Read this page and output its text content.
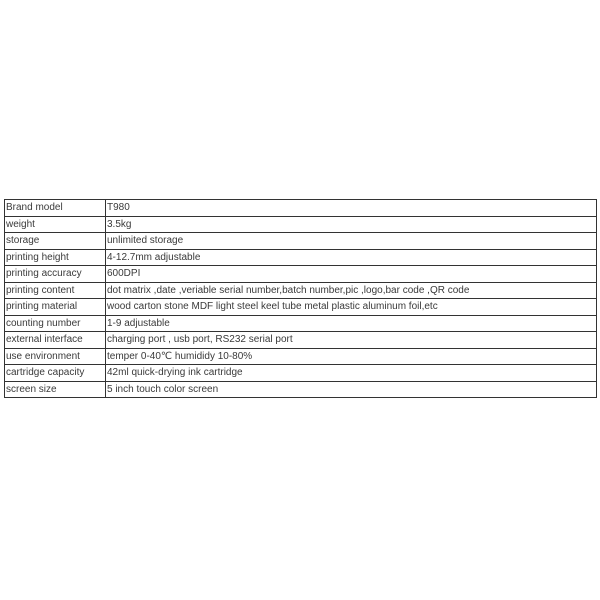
Brand model	T980
weight	3.5kg
storage	unlimited storage
printing height	4-12.7mm adjustable
printing accuracy	600DPI
printing content	dot matrix ,date ,veriable serial number,batch number,pic ,logo,bar code ,QR code
printing material	wood carton stone MDF light steel keel tube metal plastic aluminum foil,etc
counting number	1-9 adjustable
external interface	charging port , usb port, RS232 serial port
use environment	temper 0-40℃ humididy 10-80%
cartridge capacity	42ml quick-drying ink cartridge
screen size	5 inch touch color screen
